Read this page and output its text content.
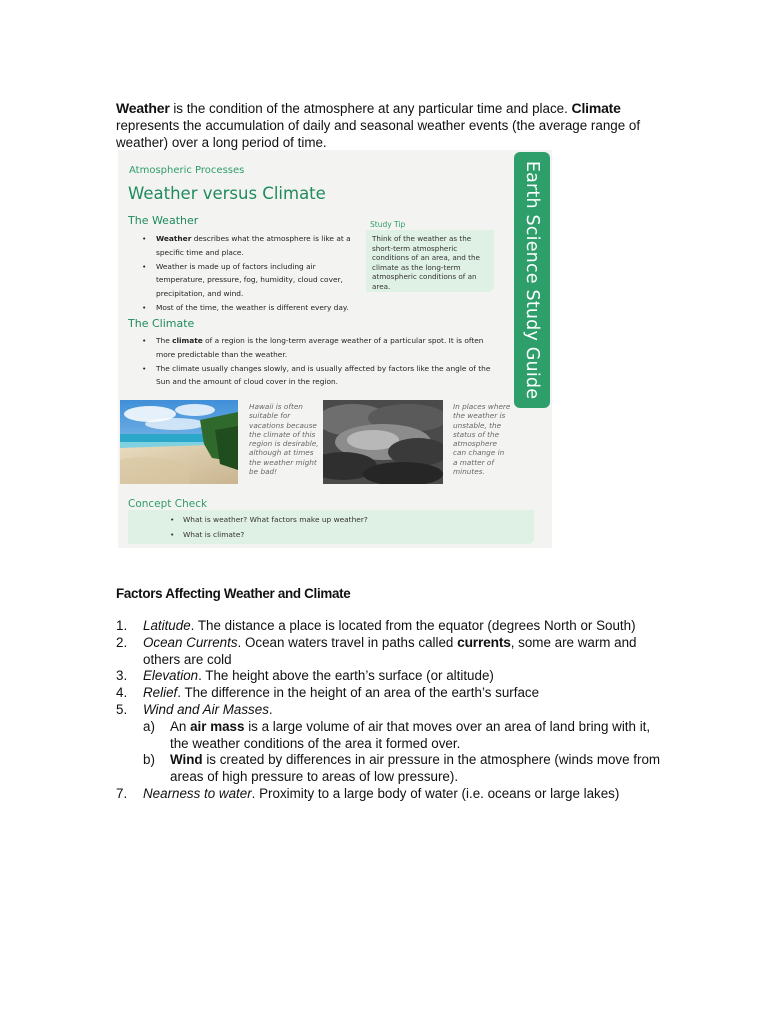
Weather is the condition of the atmosphere at any particular time and place. Climate represents the accumulation of daily and seasonal weather events (the average range of weather) over a long period of time.

Atmospheric Processes
Weather versus Climate
The Weather
• Weather describes what the atmosphere is like at a specific time and place.
• Weather is made up of factors including air temperature, pressure, fog, humidity, cloud cover, precipitation, and wind.
• Most of the time, the weather is different every day.
Study Tip
Think of the weather as the short-term atmospheric conditions of an area, and the climate as the long-term atmospheric conditions of an area.	Earth Science Study Guide
The Climate
• The climate of a region is the long-term average weather of a particular spot. It is often more predictable than the weather.
• The climate usually changes slowly, and is usually affected by factors like the angle of the Sun and the amount of cloud cover in the region.
Hawaii is often suitable for vacations because the climate of this region is desirable, although at times the weather might be bad!
In places where the weather is unstable, the status of the atmosphere can change in a matter of minutes.
Concept Check
• What is weather? What factors make up weather?
• What is climate?
Factors Affecting Weather and Climate
1. Latitude. The distance a place is located from the equator (degrees North or South)
2. Ocean Currents. Ocean waters travel in paths called currents, some are warm and others are cold
3. Elevation. The height above the earth’s surface (or altitude)
4. Relief. The difference in the height of an area of the earth’s surface
5. Wind and Air Masses.
a) An air mass is a large volume of air that moves over an area of land bring with it, the weather conditions of the area it formed over.
b) Wind is created by differences in air pressure in the atmosphere (winds move from areas of high pressure to areas of low pressure).
7. Nearness to water. Proximity to a large body of water (i.e. oceans or large lakes)
